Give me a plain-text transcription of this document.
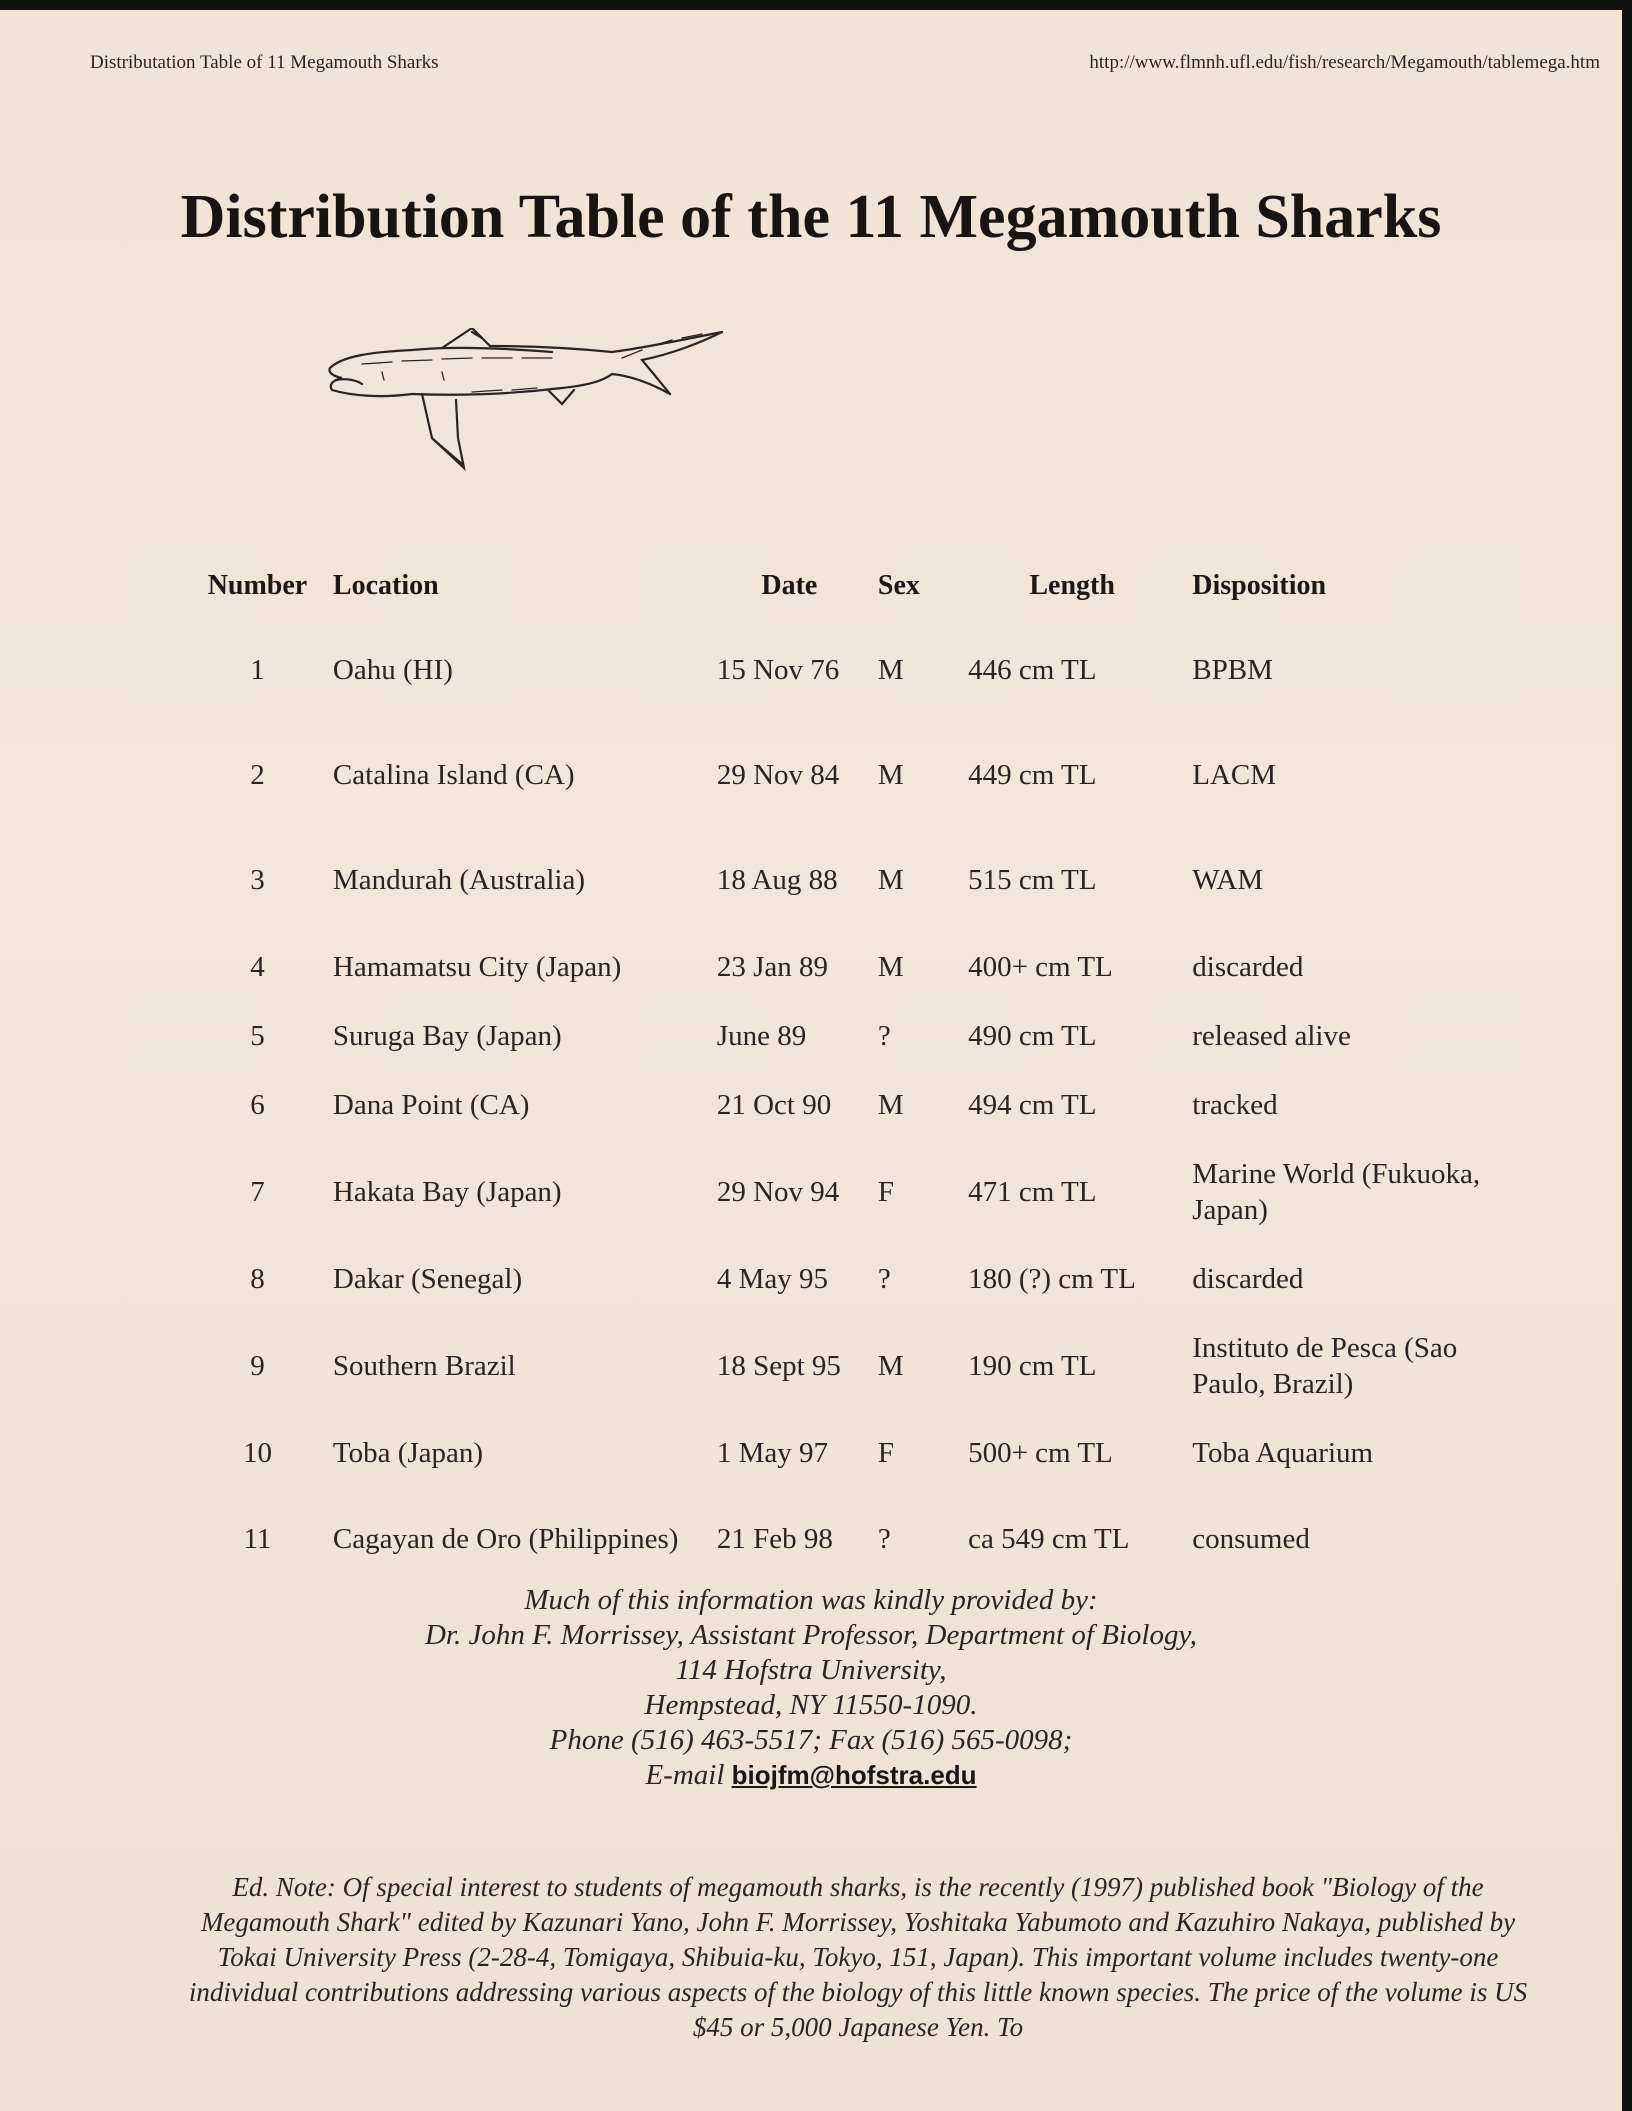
Distributation Table of 11 Megamouth Sharks	http://www.flmnh.ufl.edu/fish/research/Megamouth/tablemega.htm
Distribution Table of the 11 Megamouth Sharks
Number	Location	Date	Sex	Length	Disposition
1	Oahu (HI)	15 Nov 76	M	446 cm TL	BPBM
2	Catalina Island (CA)	29 Nov 84	M	449 cm TL	LACM
3	Mandurah (Australia)	18 Aug 88	M	515 cm TL	WAM
4	Hamamatsu City (Japan)	23 Jan 89	M	400+ cm TL	discarded
5	Suruga Bay (Japan)	June 89	?	490 cm TL	released alive
6	Dana Point (CA)	21 Oct 90	M	494 cm TL	tracked
7	Hakata Bay (Japan)	29 Nov 94	F	471 cm TL	Marine World (Fukuoka, Japan)
8	Dakar (Senegal)	4 May 95	?	180 (?) cm TL	discarded
9	Southern Brazil	18 Sept 95	M	190 cm TL	Instituto de Pesca (Sao Paulo, Brazil)
10	Toba (Japan)	1 May 97	F	500+ cm TL	Toba Aquarium
11	Cagayan de Oro (Philippines)	21 Feb 98	?	ca 549 cm TL	consumed
Much of this information was kindly provided by:
Dr. John F. Morrissey, Assistant Professor, Department of Biology,
114 Hofstra University,
Hempstead, NY 11550-1090.
Phone (516) 463-5517; Fax (516) 565-0098;
E-mail biojfm@hofstra.edu
Ed. Note: Of special interest to students of megamouth sharks, is the recently (1997) published book "Biology of the Megamouth Shark" edited by Kazunari Yano, John F. Morrissey, Yoshitaka Yabumoto and Kazuhiro Nakaya, published by Tokai University Press (2-28-4, Tomigaya, Shibuia-ku, Tokyo, 151, Japan). This important volume includes twenty-one individual contributions addressing various aspects of the biology of this little known species. The price of the volume is US $45 or 5,000 Japanese Yen. To
